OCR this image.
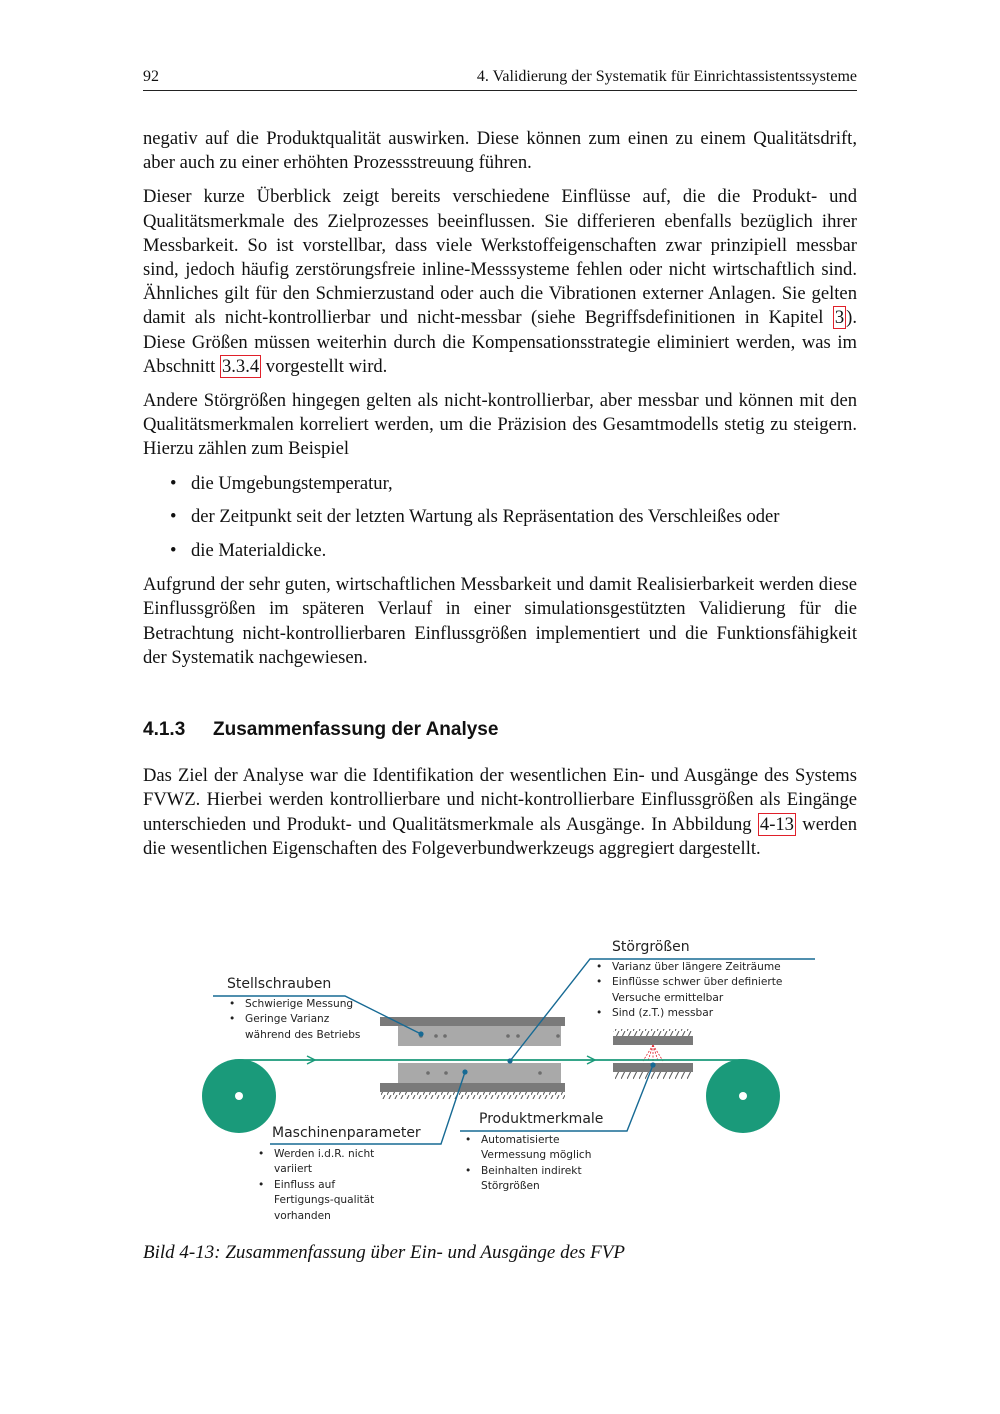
92	4. Validierung der Systematik für Einrichtassistentssysteme

negativ auf die Produktqualität auswirken. Diese können zum einen zu einem Qualitätsdrift, aber auch zu einer erhöhten Prozessstreuung führen.

Dieser kurze Überblick zeigt bereits verschiedene Einflüsse auf, die die Produkt- und Qualitätsmerkmale des Zielprozesses beeinflussen. Sie differieren ebenfalls bezüglich ihrer Messbarkeit. So ist vorstellbar, dass viele Werkstoffeigenschaften zwar prinzipiell messbar sind, jedoch häufig zerstörungsfreie inline-Messsysteme fehlen oder nicht wirtschaftlich sind. Ähnliches gilt für den Schmierzustand oder auch die Vibrationen externer Anlagen. Sie gelten damit als nicht-kontrollierbar und nicht-messbar (siehe Begriffsdefinitionen in Kapitel 3 ). Diese Größen müssen weiterhin durch die Kompensationsstrategie eliminiert werden, was im Abschnitt 3.3.4 vorgestellt wird.

Andere Störgrößen hingegen gelten als nicht-kontrollierbar, aber messbar und können mit den Qualitätsmerkmalen korreliert werden, um die Präzision des Gesamtmodells stetig zu steigern. Hierzu zählen zum Beispiel

• die Umgebungstemperatur,
• der Zeitpunkt seit der letzten Wartung als Repräsentation des Verschleißes oder
• die Materialdicke.

Aufgrund der sehr guten, wirtschaftlichen Messbarkeit und damit Realisierbarkeit werden diese Einflussgrößen im späteren Verlauf in einer simulationsgestützten Validierung für die Betrachtung nicht-kontrollierbaren Einflussgrößen implementiert und die Funktionsfähigkeit der Systematik nachgewiesen.

4.1.3	Zusammenfassung der Analyse

Das Ziel der Analyse war die Identifikation der wesentlichen Ein- und Ausgänge des Systems FVWZ. Hierbei werden kontrollierbare und nicht-kontrollierbare Einflussgrößen als Eingänge unterschieden und Produkt- und Qualitätsmerkmale als Ausgänge. In Abbildung 4-13 werden die wesentlichen Eigenschaften des Folgeverbundwerkzeugs aggregiert dargestellt.

Stellschrauben
• Schwierige Messung
• Geringe Varianz während des Betriebs
Störgrößen
• Varianz über längere Zeiträume
• Einflüsse schwer über definierte Versuche ermittelbar
• Sind (z.T.) messbar
Maschinenparameter
• Werden i.d.R. nicht variiert
• Einfluss auf Fertigungs-qualität vorhanden
Produktmerkmale
• Automatisierte Vermessung möglich
• Beinhalten indirekt Störgrößen
Bild 4-13: Zusammenfassung über Ein- und Ausgänge des FVP
